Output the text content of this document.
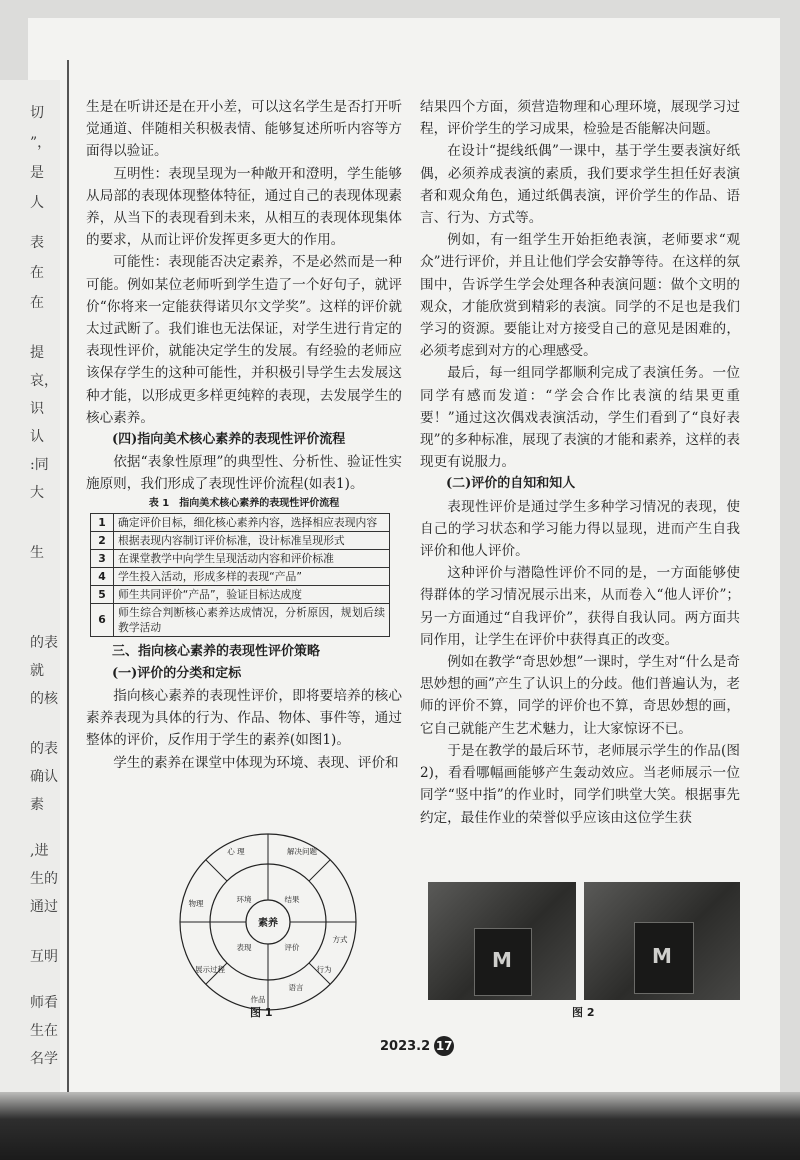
切
”，
是
人
表
在
在
提
哀，
识
认
:同
大
生
的表
就
的核
的表
确认
素
,进
生的
通过
互明
师看
生在
名学

生是在听讲还是在开小差，可以这名学生是否打开听觉通道、伴随相关积极表情、能够复述所听内容等方面得以验证。

互明性：表现呈现为一种敞开和澄明，学生能够从局部的表现体现整体特征，通过自己的表现体现素养，从当下的表现看到未来，从相互的表现体现集体的要求，从而让评价发挥更多更大的作用。

可能性：表现能否决定素养，不是必然而是一种可能。例如某位老师听到学生造了一个好句子，就评价“你将来一定能获得诺贝尔文学奖”。这样的评价就太过武断了。我们谁也无法保证，对学生进行肯定的表现性评价，就能决定学生的发展。有经验的老师应该保存学生的这种可能性，并积极引导学生去发展这种才能，以形成更多样更纯粹的表现，去发展学生的核心素养。

(四)指向美术核心素养的表现性评价流程

依据“表象性原理”的典型性、分析性、验证性实施原则，我们形成了表现性评价流程(如表1)。

表 1　指向美术核心素养的表现性评价流程

1	确定评价目标，细化核心素养内容，选择相应表现内容
2	根据表现内容制订评价标准，设计标准呈现形式
3	在课堂教学中向学生呈现活动内容和评价标准
4	学生投入活动，形成多样的表现“产品”
5	师生共同评价“产品”，验证目标达成度
6	师生综合判断核心素养达成情况，分析原因，规划后续教学活动

三、指向核心素养的表现性评价策略

(一)评价的分类和定标

指向核心素养的表现性评价，即将要培养的核心素养表现为具体的行为、作品、物体、事件等，通过整体的评价，反作用于学生的素养(如图1)。

学生的素养在课堂中体现为环境、表现、评价和

素养
环境	结果
表现	评价
心 理	解决问题
物理
方式
展示过程	行为
作品
语言
图 1

结果四个方面，须营造物理和心理环境，展现学习过程，评价学生的学习成果，检验是否能解决问题。

在设计“提线纸偶”一课中，基于学生要表演好纸偶，必须养成表演的素质，我们要求学生担任好表演者和观众角色，通过纸偶表演，评价学生的作品、语言、行为、方式等。

例如，有一组学生开始拒绝表演，老师要求“观众”进行评价，并且让他们学会安静等待。在这样的氛围中，告诉学生学会处理各种表演问题：做个文明的观众，才能欣赏到精彩的表演。同学的不足也是我们学习的资源。要能让对方接受自己的意见是困难的，必须考虑到对方的心理感受。

最后，每一组同学都顺利完成了表演任务。一位同学有感而发道：“学会合作比表演的结果更重要！”通过这次偶戏表演活动，学生们看到了“良好表现”的多种标准，展现了表演的才能和素养，这样的表现更有说服力。

(二)评价的自知和知人

表现性评价是通过学生多种学习情况的表现，使自己的学习状态和学习能力得以显现，进而产生自我评价和他人评价。

这种评价与潜隐性评价不同的是，一方面能够使得群体的学习情况展示出来，从而卷入“他人评价”；另一方面通过“自我评价”，获得自我认同。两方面共同作用，让学生在评价中获得真正的改变。

例如在教学“奇思妙想”一课时，学生对“什么是奇思妙想的画”产生了认识上的分歧。他们普遍认为，老师的评价不算，同学的评价也不算，奇思妙想的画，它自己就能产生艺术魅力，让大家惊讶不已。

于是在教学的最后环节，老师展示学生的作品(图2)，看看哪幅画能够产生轰动效应。当老师展示一位同学“竖中指”的作业时，同学们哄堂大笑。根据事先约定，最佳作业的荣誉似乎应该由这位学生获

M	M
图 2
2023.2 17
